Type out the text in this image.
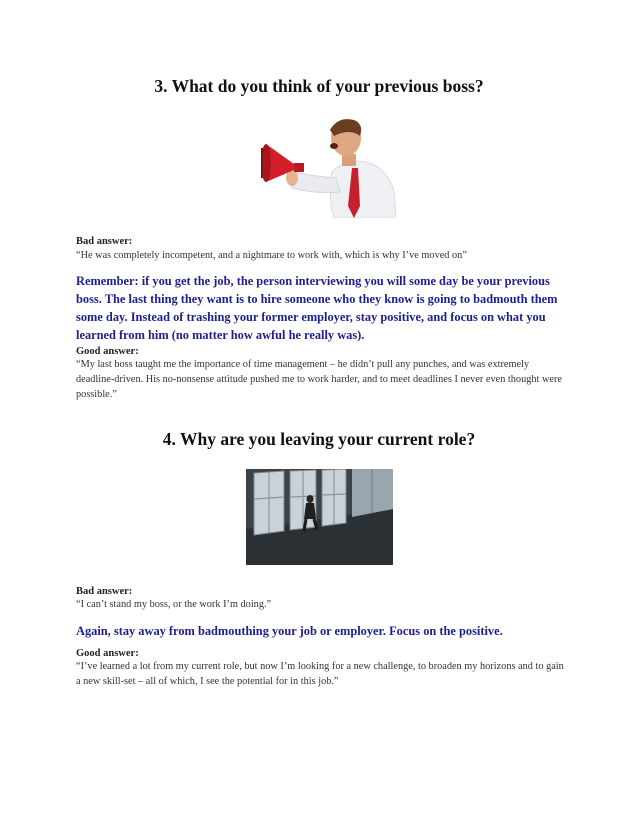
3. What do you think of your previous boss?

Bad answer:

“He was completely incompetent, and a nightmare to work with, which is why I’ve moved on”

Remember: if you get the job, the person interviewing you will some day be your previous boss. The last thing they want is to hire someone who they know is going to badmouth them some day. Instead of trashing your former employer, stay positive, and focus on what you learned from him (no matter how awful he really was).

Good answer:

“My last boss taught me the importance of time management – he didn’t pull any punches, and was extremely deadline-driven. His no-nonsense attitude pushed me to work harder, and to meet deadlines I never even thought were possible.”

4. Why are you leaving your current role?

Bad answer:

“I can’t stand my boss, or the work I’m doing.”

Again, stay away from badmouthing your job or employer. Focus on the positive.

Good answer:

“I’ve learned a lot from my current role, but now I’m looking for a new challenge, to broaden my horizons and to gain a new skill-set – all of which, I see the potential for in this job.”
